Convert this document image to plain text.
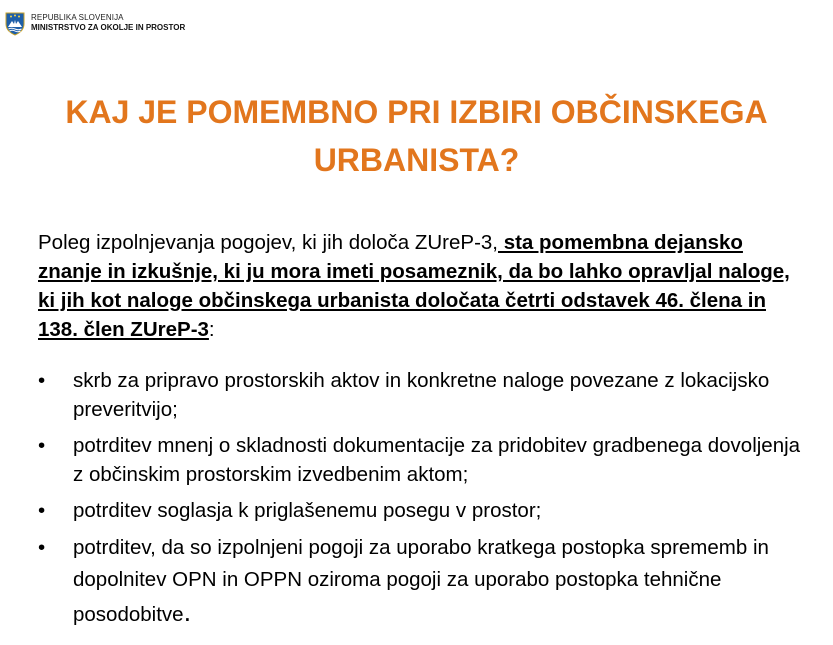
REPUBLIKA SLOVENIJA
MINISTRSTVO ZA OKOLJE IN PROSTOR
KAJ JE POMEMBNO PRI IZBIRI OBČINSKEGA
URBANISTA?

Poleg izpolnjevanja pogojev, ki jih določa ZUreP-3, sta pomembna dejansko znanje in izkušnje, ki ju mora imeti posameznik, da bo lahko opravljal naloge, ki jih kot naloge občinskega urbanista določata četrti odstavek 46. člena in 138. člen ZUreP-3:

• skrb za pripravo prostorskih aktov in konkretne naloge povezane z lokacijsko preveritvijo;
• potrditev mnenj o skladnosti dokumentacije za pridobitev gradbenega dovoljenja z občinskim prostorskim izvedbenim aktom;
• potrditev soglasja k priglašenemu posegu v prostor;
• potrditev, da so izpolnjeni pogoji za uporabo kratkega postopka sprememb in dopolnitev OPN in OPPN oziroma pogoji za uporabo postopka tehnične posodobitve.
